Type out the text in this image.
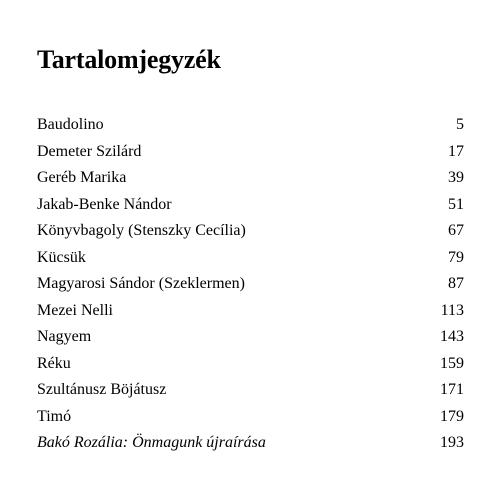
Tartalomjegyzék
Baudolino	5
Demeter Szilárd	17
Geréb Marika	39
Jakab-Benke Nándor	51
Könyvbagoly (Stenszky Cecília)	67
Kücsük	79
Magyarosi Sándor (Szeklermen)	87
Mezei Nelli	113
Nagyem	143
Réku	159
Szultánusz Böjátusz	171
Timó	179
Bakó Rozália: Önmagunk újraírása	193
